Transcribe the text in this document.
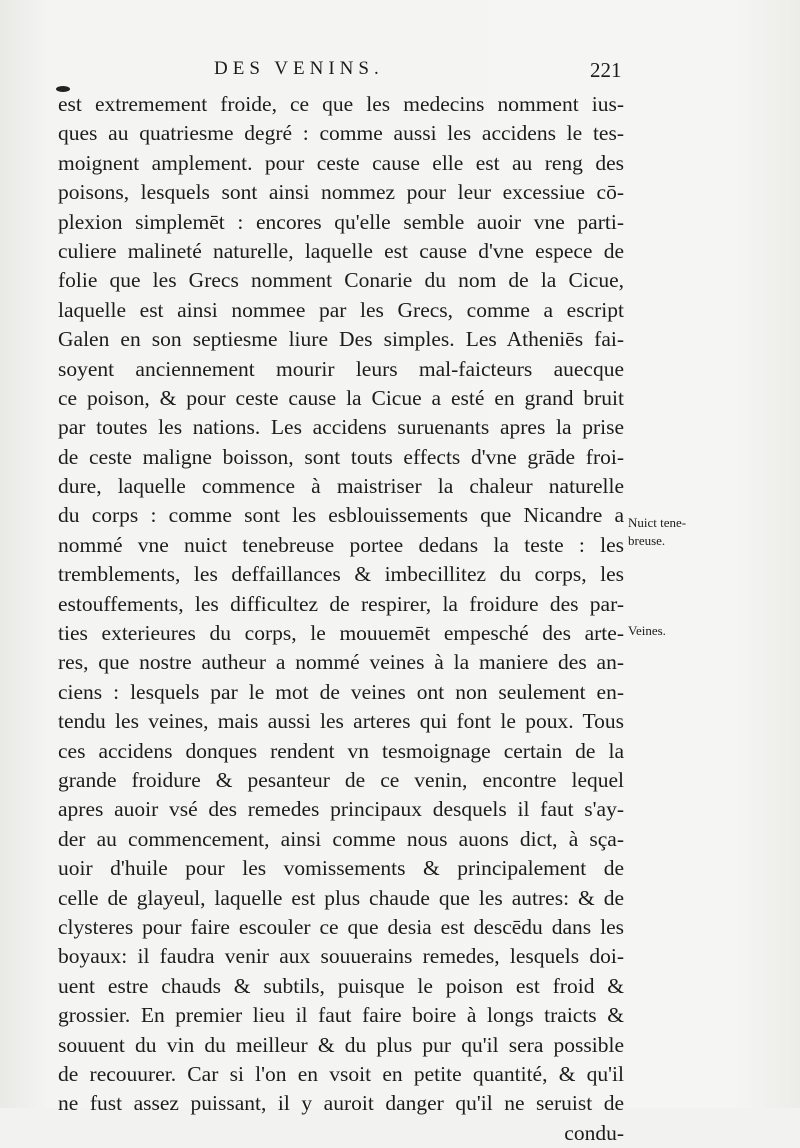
DES VENINS.	221
est extremement froide, ce que les medecins nomment ius-
ques au quatriesme degré : comme aussi les accidens le tes-
moignent amplement. pour ceste cause elle est au reng des
poisons, lesquels sont ainsi nommez pour leur excessiue cō-
plexion simplemēt : encores qu'elle semble auoir vne parti-
culiere malineté naturelle, laquelle est cause d'vne espece de
folie que les Grecs nomment Conarie du nom de la Cicue,
laquelle est ainsi nommee par les Grecs, comme a escript
Galen en son septiesme liure Des simples. Les Atheniēs fai-
soyent anciennement mourir leurs mal-faicteurs auecque
ce poison, & pour ceste cause la Cicue a esté en grand bruit
par toutes les nations. Les accidens suruenants apres la prise
de ceste maligne boisson, sont touts effects d'vne grāde froi-
dure, laquelle commence à maistriser la chaleur naturelle
du corps : comme sont les esblouissements que Nicandre a
nommé vne nuict tenebreuse portee dedans la teste : les
tremblements, les deffaillances & imbecillitez du corps, les
estouffements, les difficultez de respirer, la froidure des par-
ties exterieures du corps, le mouuemēt empesché des arte-
res, que nostre autheur a nommé veines à la maniere des an-
ciens : lesquels par le mot de veines ont non seulement en-
tendu les veines, mais aussi les arteres qui font le poux. Tous
ces accidens donques rendent vn tesmoignage certain de la
grande froidure & pesanteur de ce venin, encontre lequel
apres auoir vsé des remedes principaux desquels il faut s'ay-
der au commencement, ainsi comme nous auons dict, à sça-
uoir d'huile pour les vomissements & principalement de
celle de glayeul, laquelle est plus chaude que les autres: & de
clysteres pour faire escouler ce que desia est descēdu dans les
boyaux: il faudra venir aux souuerains remedes, lesquels doi-
uent estre chauds & subtils, puisque le poison est froid &
grossier. En premier lieu il faut faire boire à longs traicts &
souuent du vin du meilleur & du plus pur qu'il sera possible
de recouurer. Car si l'on en vsoit en petite quantité, & qu'il
ne fust assez puissant, il y auroit danger qu'il ne seruist de
condu-
Nuict tene-
breuse.
Veines.
